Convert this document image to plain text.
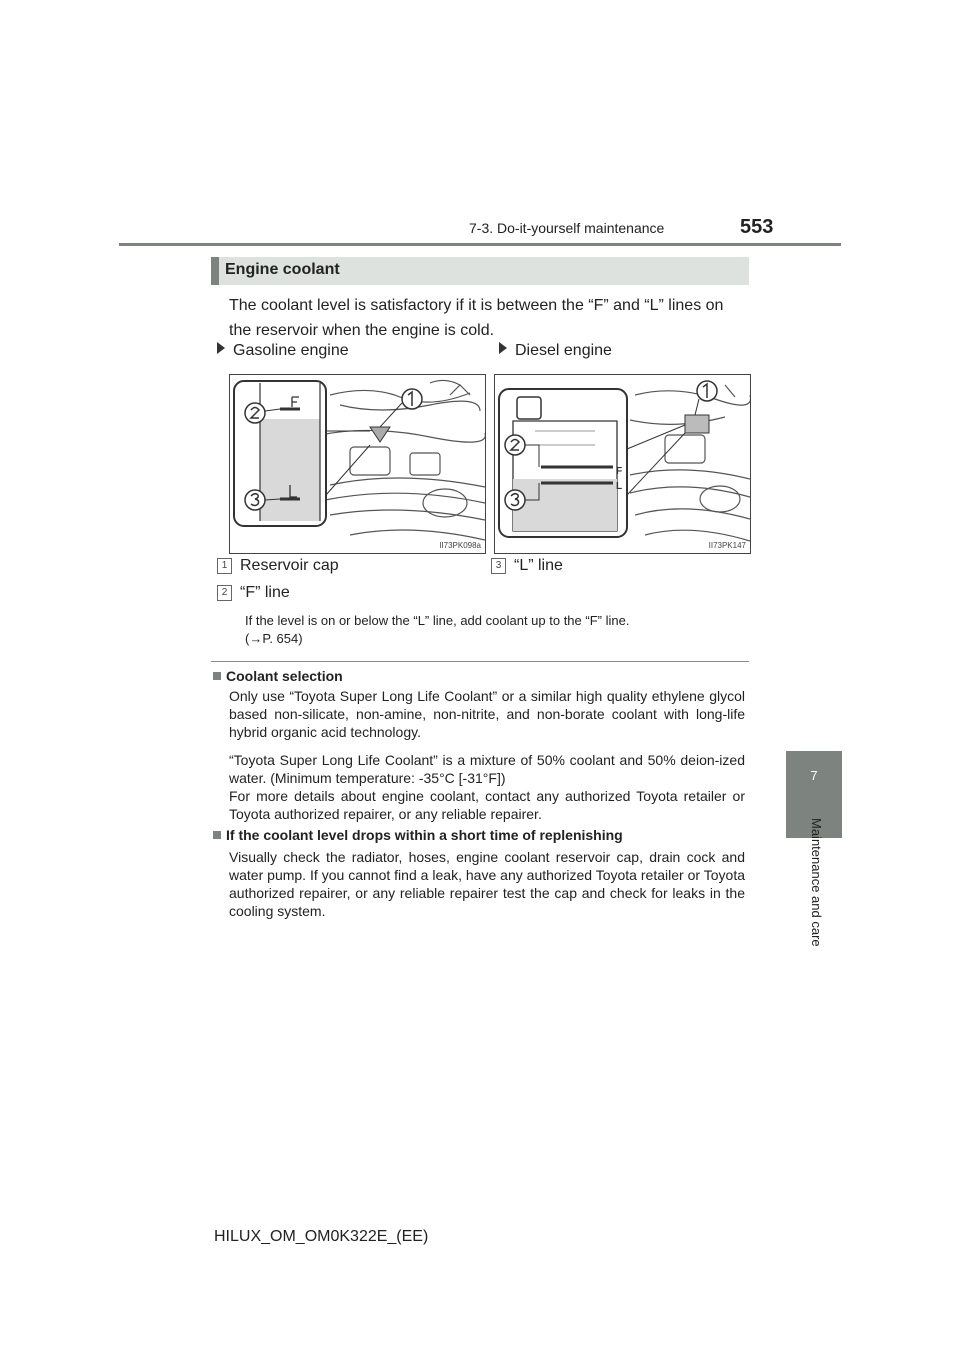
7-3. Do-it-yourself maintenance	553
7
Maintenance and care
Engine coolant
The coolant level is satisfactory if it is between the “F” and “L” lines on the reservoir when the engine is cold.
Gasoline engine	Diesel engine
II73PK098a
F
L
II73PK147
1 Reservoir cap	3 “L” line
2 “F” line
If the level is on or below the “L” line, add coolant up to the “F” line.
(→P. 654)
Coolant selection
Only use “Toyota Super Long Life Coolant” or a similar high quality ethylene glycol based non-silicate, non-amine, non-nitrite, and non-borate coolant with long-life hybrid organic acid technology.
“Toyota Super Long Life Coolant” is a mixture of 50% coolant and 50% deion-ized water. (Minimum temperature: -35°C [-31°F])
For more details about engine coolant, contact any authorized Toyota retailer or Toyota authorized repairer, or any reliable repairer.
If the coolant level drops within a short time of replenishing
Visually check the radiator, hoses, engine coolant reservoir cap, drain cock and water pump. If you cannot find a leak, have any authorized Toyota retailer or Toyota authorized repairer, or any reliable repairer test the cap and check for leaks in the cooling system.
HILUX_OM_OM0K322E_(EE)
